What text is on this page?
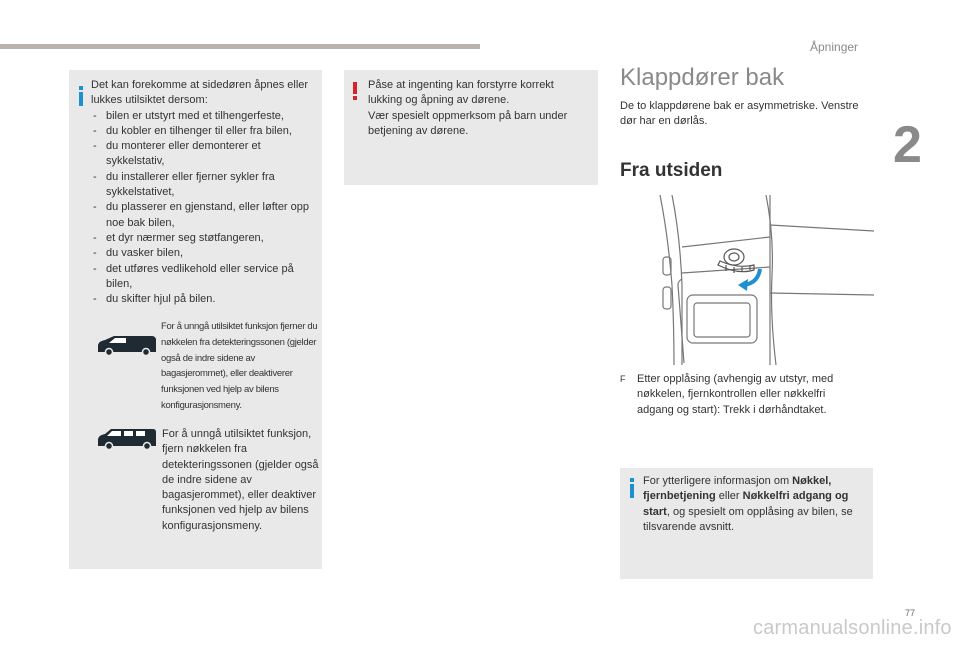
Åpninger
2
Det kan forekomme at sidedøren åpnes eller lukkes utilsiktet dersom:
- bilen er utstyrt med et tilhengerfeste,
- du kobler en tilhenger til eller fra bilen,
- du monterer eller demonterer et sykkelstativ,
- du installerer eller fjerner sykler fra sykkelstativet,
- du plasserer en gjenstand, eller løfter opp noe bak bilen,
- et dyr nærmer seg støtfangeren,
- du vasker bilen,
- det utføres vedlikehold eller service på bilen,
- du skifter hjul på bilen.
For å unngå utilsiktet funksjon fjerner du nøkkelen fra detekteringssonen (gjelder også de indre sidene av bagasjerommet), eller deaktiverer funksjonen ved hjelp av bilens konfigurasjonsmeny.
For å unngå utilsiktet funksjon, fjern nøkkelen fra detekteringssonen (gjelder også de indre sidene av bagasjerommet), eller deaktiver funksjonen ved hjelp av bilens konfigurasjonsmeny.
Påse at ingenting kan forstyrre korrekt lukking og åpning av dørene.
Vær spesielt oppmerksom på barn under betjening av dørene.
Klappdører bak
De to klappdørene bak er asymmetriske. Venstre dør har en dørlås.
Fra utsiden
F Etter opplåsing (avhengig av utstyr, med nøkkelen, fjernkontrollen eller nøkkelfri adgang og start): Trekk i dørhåndtaket.
For ytterligere informasjon om Nøkkel, fjernbetjening eller Nøkkelfri adgang og start, og spesielt om opplåsing av bilen, se tilsvarende avsnitt.
77
carmanualsonline.info
